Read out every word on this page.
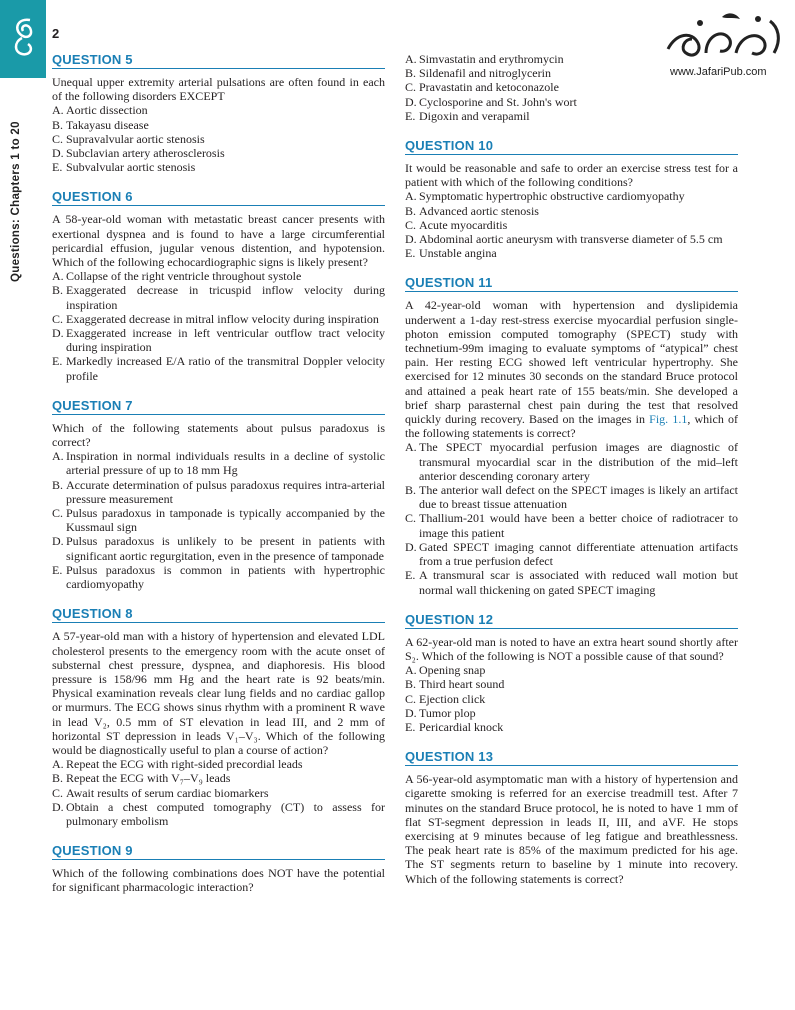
Questions: Chapters 1 to 20
2
www.JafariPub.com
QUESTION 5

Unequal upper extremity arterial pulsations are often found in each of the following disorders EXCEPT

A. Aortic dissection
B. Takayasu disease
C. Supravalvular aortic stenosis
D. Subclavian artery atherosclerosis
E. Subvalvular aortic stenosis
QUESTION 6

A 58-year-old woman with metastatic breast cancer presents with exertional dyspnea and is found to have a large circumferential pericardial effusion, jugular venous distention, and hypotension. Which of the following echocardiographic signs is likely present?

A. Collapse of the right ventricle throughout systole
B. Exaggerated decrease in tricuspid inflow velocity during inspiration
C. Exaggerated decrease in mitral inflow velocity during inspiration
D. Exaggerated increase in left ventricular outflow tract velocity during inspiration
E. Markedly increased E/A ratio of the transmitral Doppler velocity profile
QUESTION 7

Which of the following statements about pulsus paradoxus is correct?

A. Inspiration in normal individuals results in a decline of systolic arterial pressure of up to 18 mm Hg
B. Accurate determination of pulsus paradoxus requires intra-arterial pressure measurement
C. Pulsus paradoxus in tamponade is typically accompanied by the Kussmaul sign
D. Pulsus paradoxus is unlikely to be present in patients with significant aortic regurgitation, even in the presence of tamponade
E. Pulsus paradoxus is common in patients with hypertrophic cardiomyopathy
QUESTION 8

A 57-year-old man with a history of hypertension and elevated LDL cholesterol presents to the emergency room with the acute onset of substernal chest pressure, dyspnea, and diaphoresis. His blood pressure is 158/96 mm Hg and the heart rate is 92 beats/min. Physical examination reveals clear lung fields and no cardiac gallop or murmurs. The ECG shows sinus rhythm with a prominent R wave in lead V₂, 0.5 mm of ST elevation in lead III, and 2 mm of horizontal ST depression in leads V₁–V₃. Which of the following would be diagnostically useful to plan a course of action?

A. Repeat the ECG with right-sided precordial leads
B. Repeat the ECG with V₇–V₉ leads
C. Await results of serum cardiac biomarkers
D. Obtain a chest computed tomography (CT) to assess for pulmonary embolism
QUESTION 9

Which of the following combinations does NOT have the potential for significant pharmacologic interaction?

A. Simvastatin and erythromycin
B. Sildenafil and nitroglycerin
C. Pravastatin and ketoconazole
D. Cyclosporine and St. John's wort
E. Digoxin and verapamil
QUESTION 10

It would be reasonable and safe to order an exercise stress test for a patient with which of the following conditions?

A. Symptomatic hypertrophic obstructive cardiomyopathy
B. Advanced aortic stenosis
C. Acute myocarditis
D. Abdominal aortic aneurysm with transverse diameter of 5.5 cm
E. Unstable angina
QUESTION 11

A 42-year-old woman with hypertension and dyslipidemia underwent a 1-day rest-stress exercise myocardial perfusion single-photon emission computed tomography (SPECT) study with technetium-99m imaging to evaluate symptoms of “atypical” chest pain. Her resting ECG showed left ventricular hypertrophy. She exercised for 12 minutes 30 seconds on the standard Bruce protocol and attained a peak heart rate of 155 beats/min. She developed a brief sharp parasternal chest pain during the test that resolved quickly during recovery. Based on the images in Fig. 1.1, which of the following statements is correct?

A. The SPECT myocardial perfusion images are diagnostic of transmural myocardial scar in the distribution of the mid–left anterior descending coronary artery
B. The anterior wall defect on the SPECT images is likely an artifact due to breast tissue attenuation
C. Thallium-201 would have been a better choice of radiotracer to image this patient
D. Gated SPECT imaging cannot differentiate attenuation artifacts from a true perfusion defect
E. A transmural scar is associated with reduced wall motion but normal wall thickening on gated SPECT imaging
QUESTION 12

A 62-year-old man is noted to have an extra heart sound shortly after S₂. Which of the following is NOT a possible cause of that sound?

A. Opening snap
B. Third heart sound
C. Ejection click
D. Tumor plop
E. Pericardial knock
QUESTION 13

A 56-year-old asymptomatic man with a history of hypertension and cigarette smoking is referred for an exercise treadmill test. After 7 minutes on the standard Bruce protocol, he is noted to have 1 mm of flat ST-segment depression in leads II, III, and aVF. He stops exercising at 9 minutes because of leg fatigue and breathlessness. The peak heart rate is 85% of the maximum predicted for his age. The ST segments return to baseline by 1 minute into recovery. Which of the following statements is correct?
